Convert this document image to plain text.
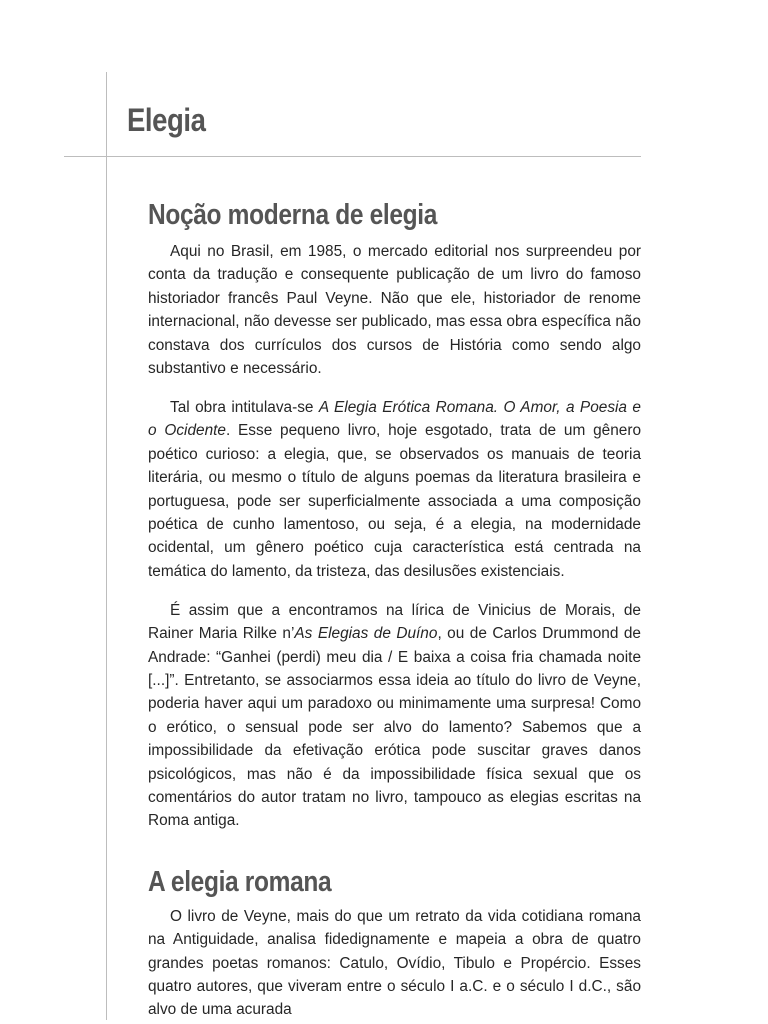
Elegia
Noção moderna de elegia

Aqui no Brasil, em 1985, o mercado editorial nos surpreendeu por conta da tradução e consequente publicação de um livro do famoso historiador francês Paul Veyne. Não que ele, historiador de renome internacional, não devesse ser publicado, mas essa obra específica não constava dos currículos dos cursos de História como sendo algo substantivo e necessário.

Tal obra intitulava-se A Elegia Erótica Romana. O Amor, a Poesia e o Ocidente. Esse pequeno livro, hoje esgotado, trata de um gênero poético curioso: a elegia, que, se observados os manuais de teoria literária, ou mesmo o título de alguns poemas da literatura brasileira e portuguesa, pode ser superficialmente associada a uma composição poética de cunho lamentoso, ou seja, é a elegia, na modernidade ocidental, um gênero poético cuja característica está centrada na temática do lamento, da tristeza, das desilusões existenciais.

É assim que a encontramos na lírica de Vinicius de Morais, de Rainer Maria Rilke n’As Elegias de Duíno, ou de Carlos Drummond de Andrade: “Ganhei (perdi) meu dia / E baixa a coisa fria chamada noite [...]”. Entretanto, se associarmos essa ideia ao título do livro de Veyne, poderia haver aqui um paradoxo ou minimamente uma surpresa! Como o erótico, o sensual pode ser alvo do lamento? Sabemos que a impossibilidade da efetivação erótica pode suscitar graves danos psicológicos, mas não é da impossibilidade física sexual que os comentários do autor tratam no livro, tampouco as elegias escritas na Roma antiga.

A elegia romana

O livro de Veyne, mais do que um retrato da vida cotidiana romana na Antiguidade, analisa fidedignamente e mapeia a obra de quatro grandes poetas romanos: Catulo, Ovídio, Tibulo e Propércio. Esses quatro autores, que viveram entre o século I a.C. e o século I d.C., são alvo de uma acurada
